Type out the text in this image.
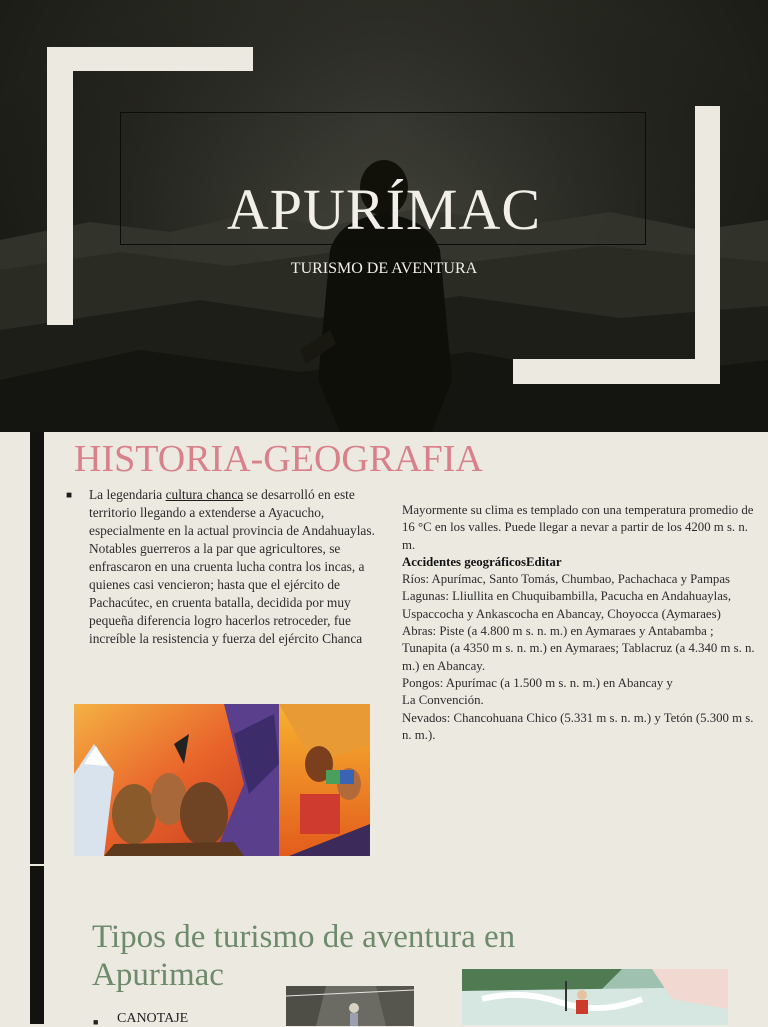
APURÍMAC
TURISMO DE AVENTURA
HISTORIA-GEOGRAFIA
■ La legendaria cultura chanca se desarrolló en este territorio llegando a extenderse a Ayacucho, especialmente en la actual provincia de Andahuaylas. Notables guerreros a la par que agricultores, se enfrascaron en una cruenta lucha contra los incas, a quienes casi vencieron; hasta que el ejército de Pachacútec, en cruenta batalla, decidida por muy pequeña diferencia logro hacerlos retroceder, fue increíble la resistencia y fuerza del ejército Chanca

Mayormente su clima es templado con una temperatura promedio de 16 °C en los valles. Puede llegar a nevar a partir de los 4200 m s. n. m.

Accidentes geográficosEditar

Ríos: Apurímac, Santo Tomás, Chumbao, Pachachaca y Pampas

Lagunas: Lliullita en Chuquibambilla, Pacucha en Andahuaylas, Uspaccocha y Ankascocha en Abancay, Choyocca (Aymaraes)

Abras: Piste (a 4.800 m s. n. m.) en Aymaraes y Antabamba ; Tunapita (a 4350 m s. n. m.) en Aymaraes; Tablacruz (a 4.340 m s. n. m.) en Abancay.

Pongos: Apurímac (a 1.500 m s. n. m.) en Abancay y

La Convención.

Nevados: Chancohuana Chico (5.331 m s. n. m.) y Tetón (5.300 m s. n. m.).

Tipos de turismo de aventura en Apurimac
■ CANOTAJE
